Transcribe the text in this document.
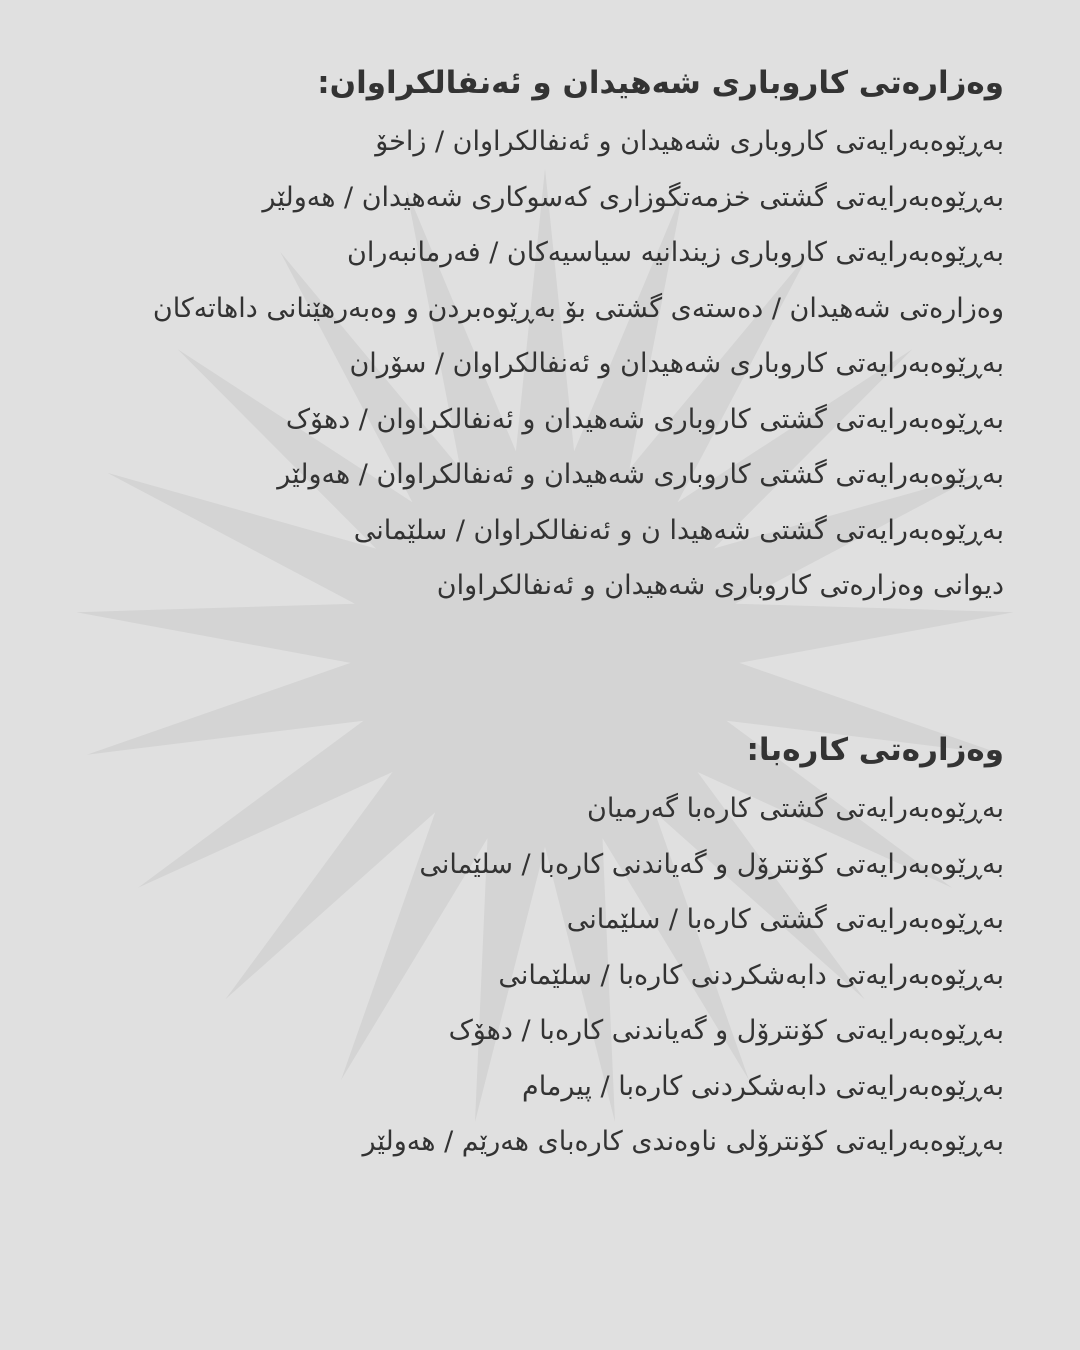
وەزارەتی کاروباری شەهیدان و ئەنفالکراوان:
بەڕێوەبەرایەتی کاروباری شەهیدان و ئەنفالکراوان / زاخۆ
بەڕێوەبەرایەتی گشتی خزمەتگوزاری کەسوکاری شەهیدان / هەولێر
بەڕێوەبەرایەتی کاروباری زیندانیە سیاسیەکان / فەرمانبەران
وەزارەتی شەهیدان / دەستەی گشتی بۆ بەڕێوەبردن و وەبەرهێنانی داهاتەکان
بەڕێوەبەرایەتی کاروباری شەهیدان و ئەنفالکراوان / سۆران
بەڕێوەبەرایەتی گشتی کاروباری شەهیدان و ئەنفالکراوان / دهۆک
بەڕێوەبەرایەتی گشتی کاروباری شەهیدان و ئەنفالکراوان / هەولێر
بەڕێوەبەرایەتی گشتی شەهیدا ن و ئەنفالکراوان / سلێمانی
دیوانی وەزارەتی کاروباری شەهیدان و ئەنفالکراوان
وەزارەتی کارەبا:
بەڕێوەبەرایەتی گشتی کارەبا گەرمیان
بەڕێوەبەرایەتی کۆنترۆل و گەیاندنی کارەبا / سلێمانی
بەڕێوەبەرایەتی گشتی کارەبا / سلێمانی
بەڕێوەبەرایەتی دابەشکردنی کارەبا / سلێمانی
بەڕێوەبەرایەتی کۆنترۆل و گەیاندنی کارەبا / دهۆک
بەڕێوەبەرایەتی دابەشکردنی کارەبا / پیرمام
بەڕێوەبەرایەتی کۆنترۆلی ناوەندی کارەبای هەرێم / هەولێر
